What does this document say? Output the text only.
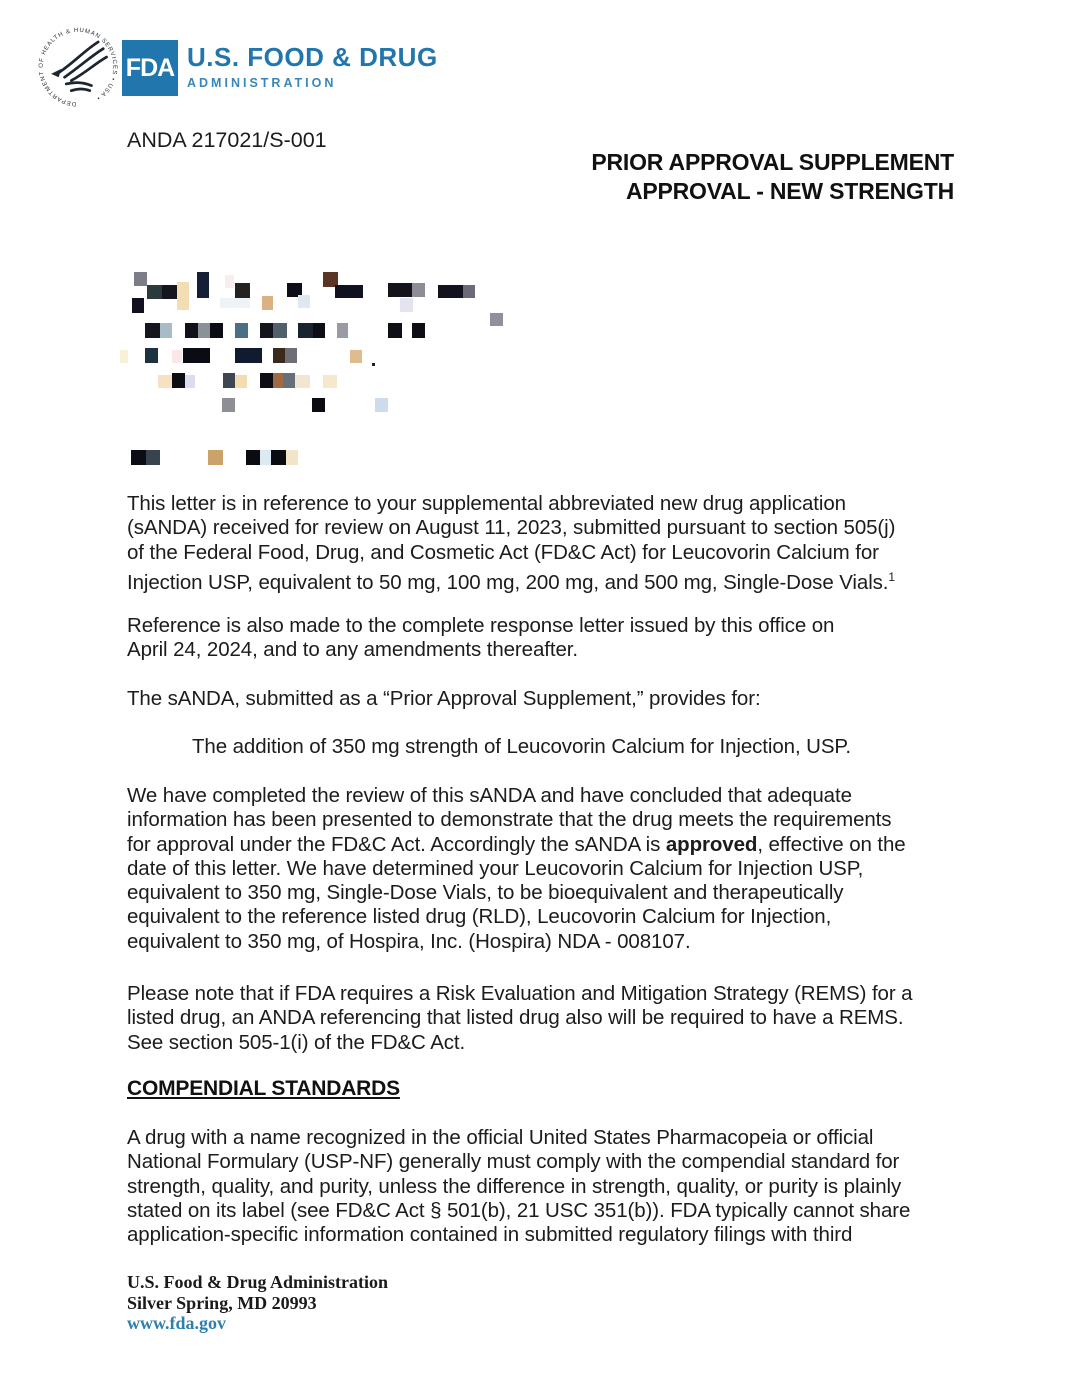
DEPARTMENT OF HEALTH & HUMAN SERVICES • USA •
FDA U.S. FOOD & DRUG
ADMINISTRATION
ANDA 217021/S-001
PRIOR APPROVAL SUPPLEMENT
APPROVAL - NEW STRENGTH
This letter is in reference to your supplemental abbreviated new drug application
(sANDA) received for review on August 11, 2023, submitted pursuant to section 505(j)
of the Federal Food, Drug, and Cosmetic Act (FD&C Act) for Leucovorin Calcium for
Injection USP, equivalent to 50 mg, 100 mg, 200 mg, and 500 mg, Single-Dose Vials.$^1$
Reference is also made to the complete response letter issued by this office on
April 24, 2024, and to any amendments thereafter.
The sANDA, submitted as a “Prior Approval Supplement,” provides for:
The addition of 350 mg strength of Leucovorin Calcium for Injection, USP.
We have completed the review of this sANDA and have concluded that adequate
information has been presented to demonstrate that the drug meets the requirements
for approval under the FD&C Act. Accordingly the sANDA is approved, effective on the
date of this letter. We have determined your Leucovorin Calcium for Injection USP,
equivalent to 350 mg, Single-Dose Vials, to be bioequivalent and therapeutically
equivalent to the reference listed drug (RLD), Leucovorin Calcium for Injection,
equivalent to 350 mg, of Hospira, Inc. (Hospira) NDA - 008107.
Please note that if FDA requires a Risk Evaluation and Mitigation Strategy (REMS) for a
listed drug, an ANDA referencing that listed drug also will be required to have a REMS.
See section 505-1(i) of the FD&C Act.
COMPENDIAL STANDARDS
A drug with a name recognized in the official United States Pharmacopeia or official
National Formulary (USP-NF) generally must comply with the compendial standard for
strength, quality, and purity, unless the difference in strength, quality, or purity is plainly
stated on its label (see FD&C Act § 501(b), 21 USC 351(b)). FDA typically cannot share
application-specific information contained in submitted regulatory filings with third
U.S. Food & Drug Administration
Silver Spring, MD 20993
www.fda.gov
